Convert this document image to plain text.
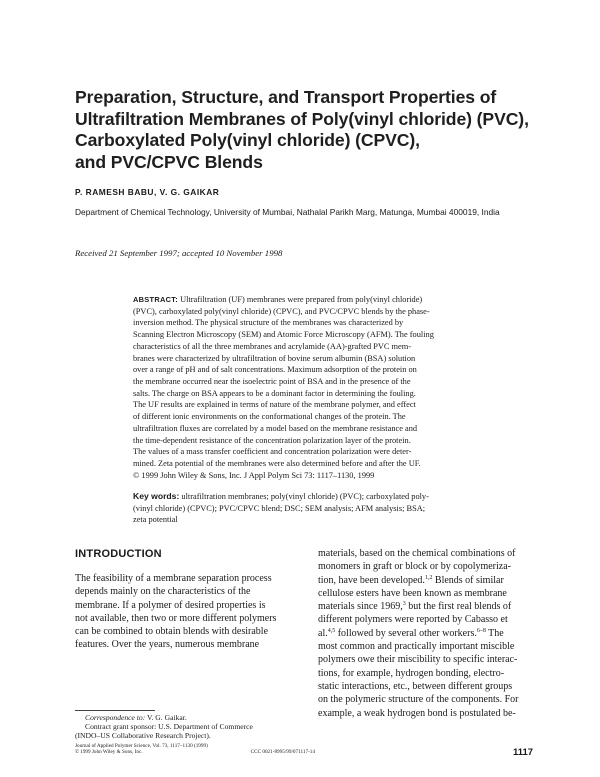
Preparation, Structure, and Transport Properties of
Ultrafiltration Membranes of Poly(vinyl chloride) (PVC),
Carboxylated Poly(vinyl chloride) (CPVC),
and PVC/CPVC Blends
P. RAMESH BABU, V. G. GAIKAR
Department of Chemical Technology, University of Mumbai, Nathalal Parikh Marg, Matunga, Mumbai 400019, India
Received 21 September 1997; accepted 10 November 1998
ABSTRACT: Ultrafiltration (UF) membranes were prepared from poly(vinyl chloride)
(PVC), carboxylated poly(vinyl chloride) (CPVC), and PVC/CPVC blends by the phase-
inversion method. The physical structure of the membranes was characterized by
Scanning Electron Microscopy (SEM) and Atomic Force Microscopy (AFM). The fouling
characteristics of all the three membranes and acrylamide (AA)-grafted PVC mem-
branes were characterized by ultrafiltration of bovine serum albumin (BSA) solution
over a range of pH and of salt concentrations. Maximum adsorption of the protein on
the membrane occurred near the isoelectric point of BSA and in the presence of the
salts. The charge on BSA appears to be a dominant factor in determining the fouling.
The UF results are explained in terms of nature of the membrane polymer, and effect
of different ionic environments on the conformational changes of the protein. The
ultrafiltration fluxes are correlated by a model based on the membrane resistance and
the time-dependent resistance of the concentration polarization layer of the protein.
The values of a mass transfer coefficient and concentration polarization were deter-
mined. Zeta potential of the membranes were also determined before and after the UF.
© 1999 John Wiley & Sons, Inc. J Appl Polym Sci 73: 1117–1130, 1999
Key words: ultrafiltration membranes; poly(vinyl chloride) (PVC); carboxylated poly-
(vinyl chloride) (CPVC); PVC/CPVC blend; DSC; SEM analysis; AFM analysis; BSA;
zeta potential
INTRODUCTION
The feasibility of a membrane separation process
depends mainly on the characteristics of the
membrane. If a polymer of desired properties is
not available, then two or more different polymers
can be combined to obtain blends with desirable
features. Over the years, numerous membrane
materials, based on the chemical combinations of
monomers in graft or block or by copolymeriza-
tion, have been developed.$^{1,2}$ Blends of similar
cellulose esters have been known as membrane
materials since 1969,$^3$ but the first real blends of
different polymers were reported by Cabasso et
al.$^{4,5}$ followed by several other workers.$^{6-8}$ The
most common and practically important miscible
polymers owe their miscibility to specific interac-
tions, for example, hydrogen bonding, electro-
static interactions, etc., between different groups
on the polymeric structure of the components. For
example, a weak hydrogen bond is postulated be-
Correspondence to: V. G. Gaikar.
Contract grant sponsor: U.S. Department of Commerce
(INDO–US Collaborative Research Project).
Journal of Applied Polymer Science, Vol. 73, 1117–1130 (1999)
© 1999 John Wiley & Sons, Inc.	CCC 0021-8995/99/071117-14	1117
